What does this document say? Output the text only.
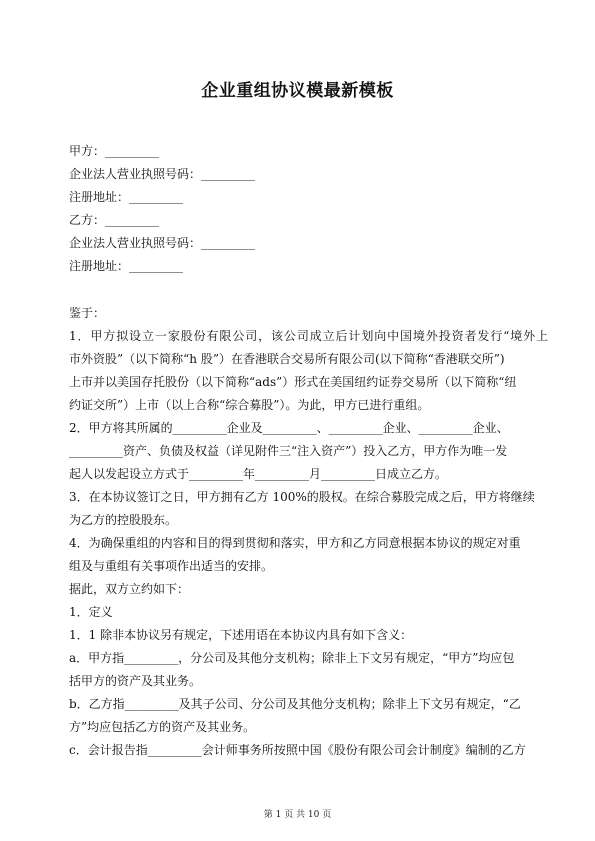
企业重组协议模最新模板
甲方：_________
企业法人营业执照号码：_________
注册地址：_________
乙方：_________
企业法人营业执照号码：_________
注册地址：_________
鉴于：
1．甲方拟设立一家股份有限公司，该公司成立后计划向中国境外投资者发行“境外上
市外资股”（以下简称“h 股”）在香港联合交易所有限公司(以下简称“香港联交所”)
上市并以美国存托股份（以下简称“ads”）形式在美国纽约证券交易所（以下简称“纽
约证交所”）上市（以上合称“综合募股”）。为此，甲方已进行重组。
2．甲方将其所属的_________企业及_________、_________企业、_________企业、
_________资产、负债及权益（详见附件三“注入资产”）投入乙方，甲方作为唯一发
起人以发起设立方式于_________年_________月_________日成立乙方。
3．在本协议签订之日，甲方拥有乙方 100%的股权。在综合募股完成之后，甲方将继续
为乙方的控股股东。
4．为确保重组的内容和目的得到贯彻和落实，甲方和乙方同意根据本协议的规定对重
组及与重组有关事项作出适当的安排。
据此，双方立约如下：
1．定义
1．1 除非本协议另有规定，下述用语在本协议内具有如下含义：
a．甲方指_________，分公司及其他分支机构；除非上下文另有规定，“甲方”均应包
括甲方的资产及其业务。
b．乙方指_________及其子公司、分公司及其他分支机构；除非上下文另有规定，“乙
方”均应包括乙方的资产及其业务。
c．会计报告指_________会计师事务所按照中国《股份有限公司会计制度》编制的乙方
第 1 页 共 10 页
